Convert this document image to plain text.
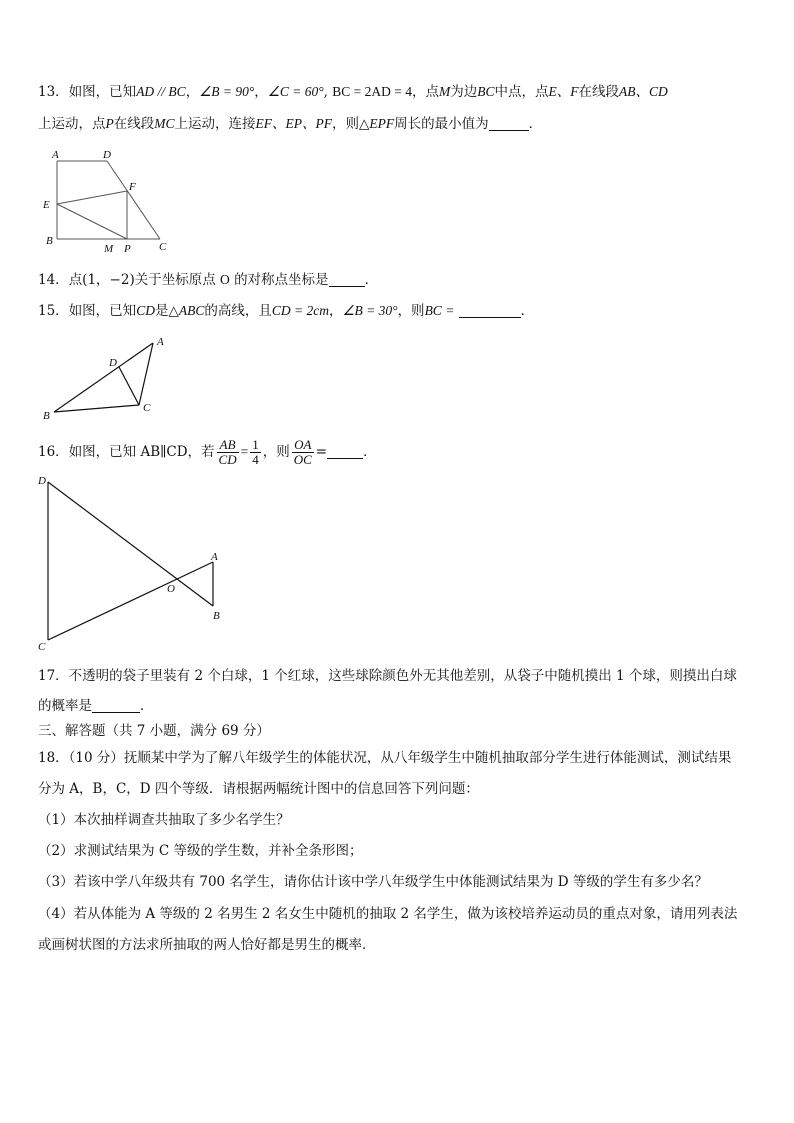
13．如图，已知AD // BC，∠B = 90°，∠C = 60°, BC = 2AD = 4，点M为边BC中点，点E、F在线段AB、CD
上运动，点P在线段MC上运动，连接EF、EP、PF，则△EPF周长的最小值为	．
A	D
F
E
B
M P	C
14．点(1，−2)关于坐标原点 O 的对称点坐标是	．
15．如图，已知CD是△ABC的高线，且CD = 2cm，∠B = 30°，则BC =	．
A
D
B
C
16．如图，已知 AB∥CD，若 $\frac{AB}{CD} = \frac{1}{4}$ ，则 $\frac{OA}{OC}$ =	．
D
A
O
B
C
17．不透明的袋子里装有 2 个白球，1 个红球，这些球除颜色外无其他差别，从袋子中随机摸出 1 个球，则摸出白球
的概率是	．
三、解答题（共 7 小题，满分 69 分）
18．（10 分）抚顺某中学为了解八年级学生的体能状况，从八年级学生中随机抽取部分学生进行体能测试，测试结果
分为 A，B，C，D 四个等级．请根据两幅统计图中的信息回答下列问题：
（1）本次抽样调查共抽取了多少名学生？
（2）求测试结果为 C 等级的学生数，并补全条形图；
（3）若该中学八年级共有 700 名学生，请你估计该中学八年级学生中体能测试结果为 D 等级的学生有多少名？
（4）若从体能为 A 等级的 2 名男生 2 名女生中随机的抽取 2 名学生，做为该校培养运动员的重点对象，请用列表法
或画树状图的方法求所抽取的两人恰好都是男生的概率．
